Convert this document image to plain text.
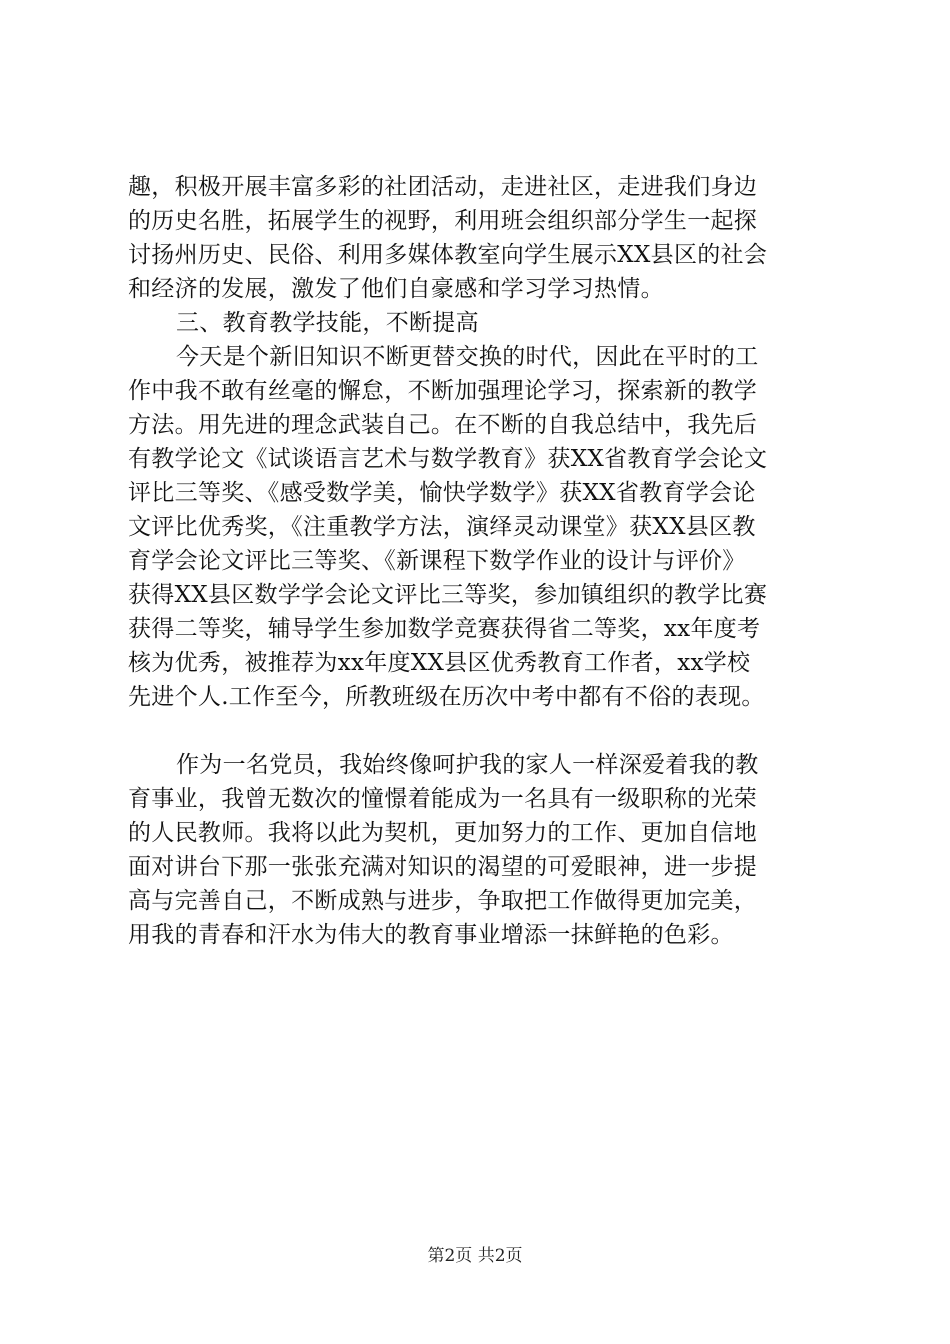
趣，积极开展丰富多彩的社团活动，走进社区，走进我们身边
的历史名胜，拓展学生的视野，利用班会组织部分学生一起探
讨扬州历史、民俗、利用多媒体教室向学生展示XX县区的社会
和经济的发展，激发了他们自豪感和学习学习热情。
三、教育教学技能，不断提高
今天是个新旧知识不断更替交换的时代，因此在平时的工
作中我不敢有丝毫的懈怠，不断加强理论学习，探索新的教学
方法。用先进的理念武装自己。在不断的自我总结中，我先后
有教学论文《试谈语言艺术与数学教育》获XX省教育学会论文
评比三等奖、《感受数学美，愉快学数学》获XX省教育学会论
文评比优秀奖，《注重教学方法，演绎灵动课堂》获XX县区教
育学会论文评比三等奖、《新课程下数学作业的设计与评价》
获得XX县区数学学会论文评比三等奖，参加镇组织的教学比赛
获得二等奖，辅导学生参加数学竞赛获得省二等奖，xx年度考
核为优秀，被推荐为xx年度XX县区优秀教育工作者，xx学校
先进个人.工作至今，所教班级在历次中考中都有不俗的表现。
作为一名党员，我始终像呵护我的家人一样深爱着我的教
育事业，我曾无数次的憧憬着能成为一名具有一级职称的光荣
的人民教师。我将以此为契机，更加努力的工作、更加自信地
面对讲台下那一张张充满对知识的渴望的可爱眼神，进一步提
高与完善自己，不断成熟与进步，争取把工作做得更加完美，
用我的青春和汗水为伟大的教育事业增添一抹鲜艳的色彩。
第2页 共2页
